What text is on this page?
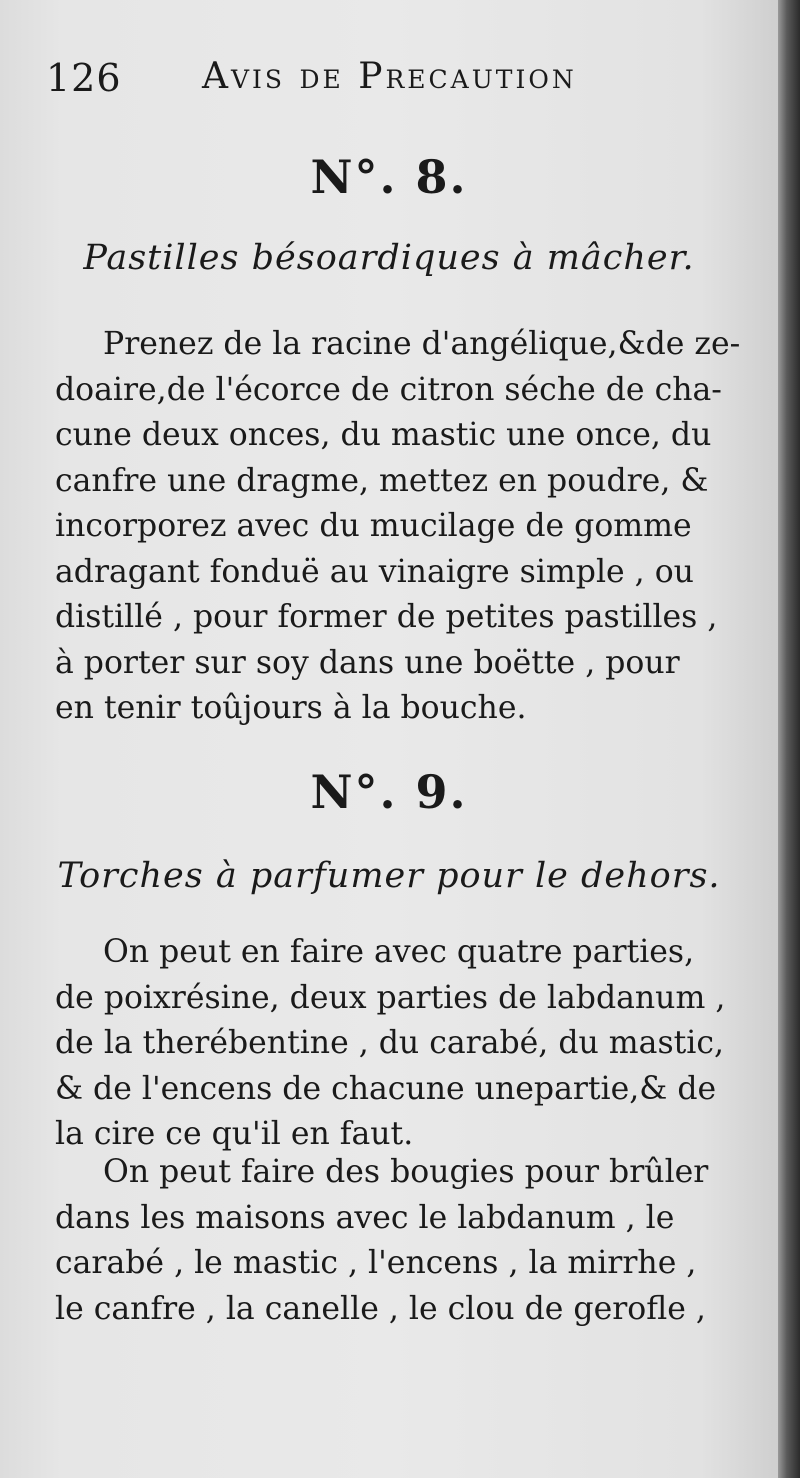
126 Avis de Precaution
N°. 8.
Pastilles bésoardiques à mâcher.

Prenez de la racine d'angélique,&de ze-
doaire,de l'écorce de citron séche de cha-
cune deux onces, du mastic une once, du
canfre une dragme, mettez en poudre, &
incorporez avec du mucilage de gomme
adragant fonduë au vinaigre simple , ou
distillé , pour former de petites pastilles ,
à porter sur soy dans une boëtte , pour
en tenir toûjours à la bouche.

N°. 9.
Torches à parfumer pour le dehors.

On peut en faire avec quatre parties,
de poixrésine, deux parties de labdanum ,
de la therébentine , du carabé, du mastic,
& de l'encens de chacune unepartie,& de
la cire ce qu'il en faut.

On peut faire des bougies pour brûler
dans les maisons avec le labdanum , le
carabé , le mastic , l'encens , la mirrhe ,
le canfre , la canelle , le clou de gerofle ,
